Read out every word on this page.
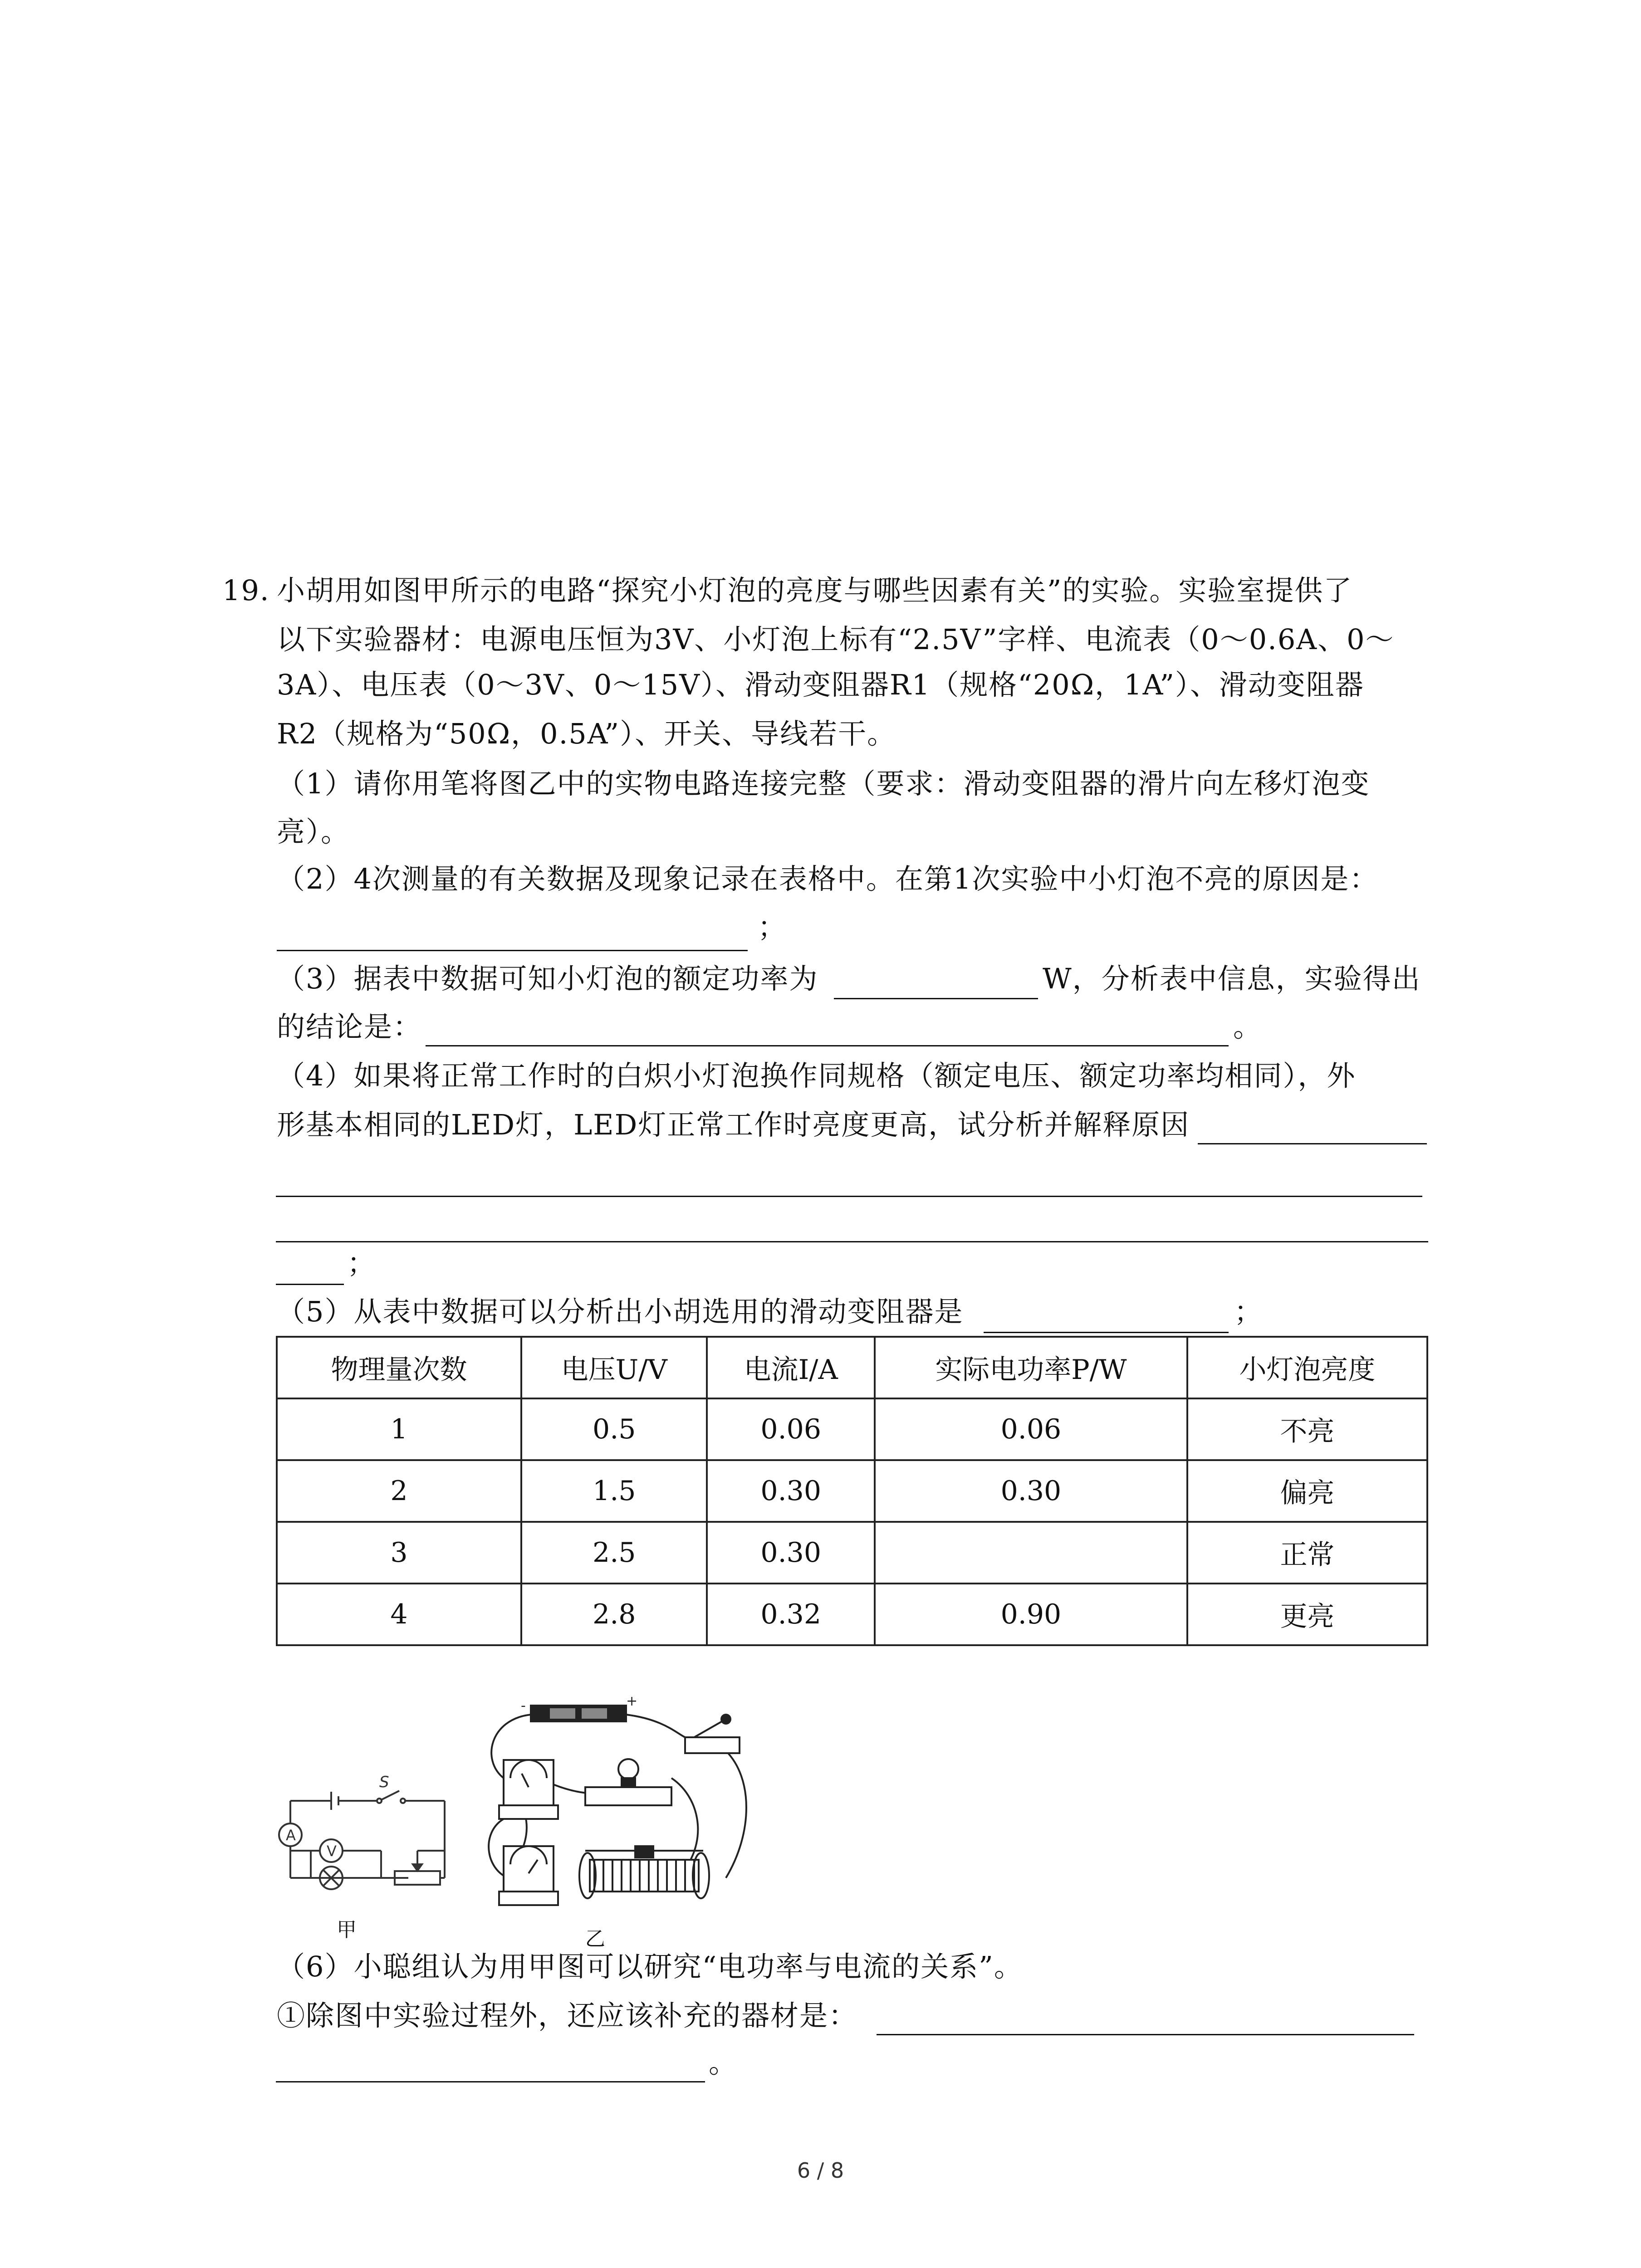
19. 小胡用如图甲所示的电路“探究小灯泡的亮度与哪些因素有关”的实验。实验室提供了
以下实验器材：电源电压恒为3V、小灯泡上标有“2.5V”字样、电流表（0～0.6A、0～
3A）、电压表（0～3V、0～15V）、滑动变阻器R1（规格“20Ω，1A”）、滑动变阻器
R2（规格为“50Ω，0.5A”）、开关、导线若干。
（1）请你用笔将图乙中的实物电路连接完整（要求：滑动变阻器的滑片向左移灯泡变
亮）。
（2）4次测量的有关数据及现象记录在表格中。在第1次实验中小灯泡不亮的原因是：
；
（3）据表中数据可知小灯泡的额定功率为	W，分析表中信息，实验得出
的结论是：	。
（4）如果将正常工作时的白炽小灯泡换作同规格（额定电压、额定功率均相同），外
形基本相同的LED灯，LED灯正常工作时亮度更高，试分析并解释原因
；
（5）从表中数据可以分析出小胡选用的滑动变阻器是	；
物理量次数	电压U/V	电流I/A	实际电功率P/W	小灯泡亮度
1	0.5	0.06	0.06	不亮
2	1.5	0.30	0.30	偏亮
3	2.5	0.30		正常
4	2.8	0.32	0.90	更亮
S
A
V
甲
-	+
乙
（6）小聪组认为用甲图可以研究“电功率与电流的关系”。
①除图中实验过程外，还应该补充的器材是：
。
6 / 8
